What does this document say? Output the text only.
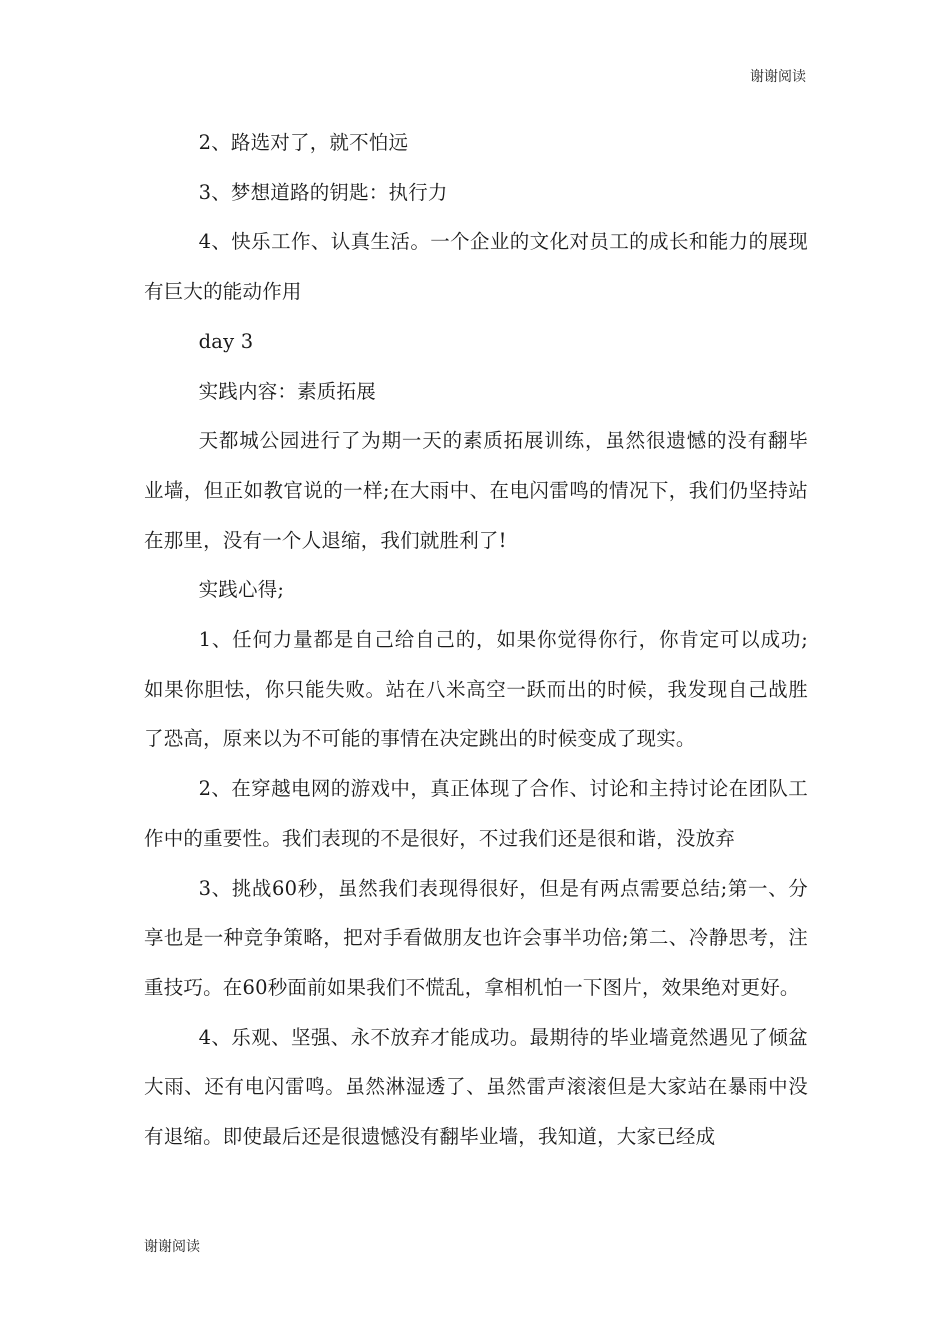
谢谢阅读

2、路选对了，就不怕远

3、梦想道路的钥匙：执行力

4、快乐工作、认真生活。一个企业的文化对员工的成长和能力的展现有巨大的能动作用

day 3

实践内容：素质拓展

天都城公园进行了为期一天的素质拓展训练，虽然很遗憾的没有翻毕业墙，但正如教官说的一样;在大雨中、在电闪雷鸣的情况下，我们仍坚持站在那里，没有一个人退缩，我们就胜利了!

实践心得;

1、任何力量都是自己给自己的，如果你觉得你行，你肯定可以成功;如果你胆怯，你只能失败。站在八米高空一跃而出的时候，我发现自己战胜了恐高，原来以为不可能的事情在决定跳出的时候变成了现实。

2、在穿越电网的游戏中，真正体现了合作、讨论和主持讨论在团队工作中的重要性。我们表现的不是很好，不过我们还是很和谐，没放弃

3、挑战60秒，虽然我们表现得很好，但是有两点需要总结;第一、分享也是一种竞争策略，把对手看做朋友也许会事半功倍;第二、冷静思考，注重技巧。在60秒面前如果我们不慌乱，拿相机怕一下图片，效果绝对更好。

4、乐观、坚强、永不放弃才能成功。最期待的毕业墙竟然遇见了倾盆大雨、还有电闪雷鸣。虽然淋湿透了、虽然雷声滚滚但是大家站在暴雨中没有退缩。即使最后还是很遗憾没有翻毕业墙，我知道，大家已经成

谢谢阅读
